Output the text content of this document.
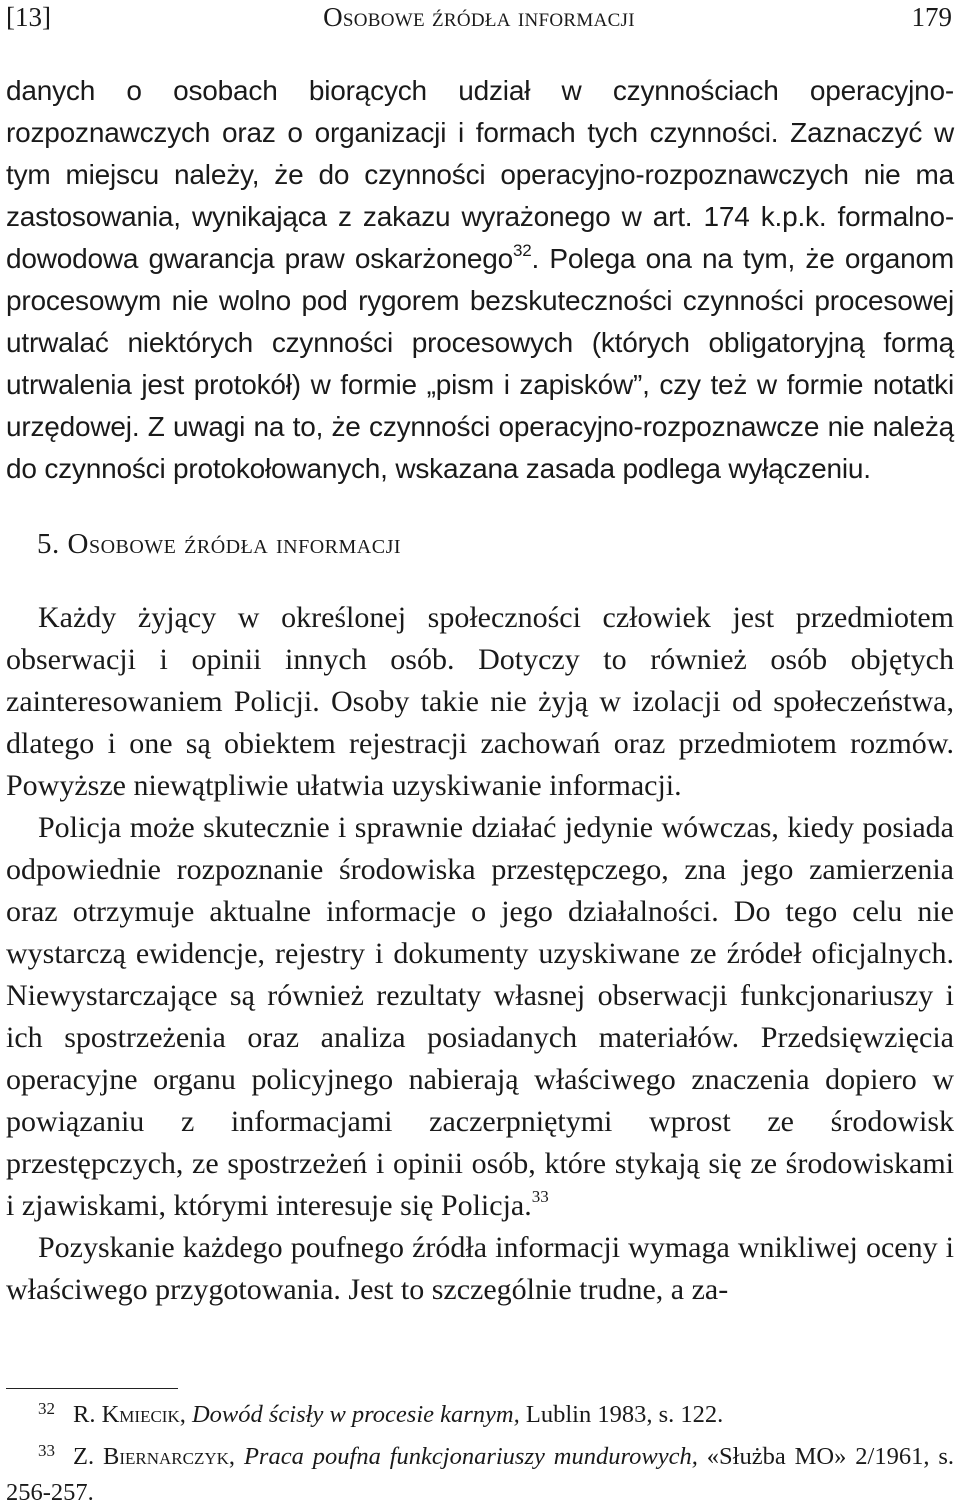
[13]	Osobowe źródła informacji	179

danych o osobach biorących udział w czynnościach operacyjno-rozpoznawczych oraz o organizacji i formach tych czynności. Zaznaczyć w tym miejscu należy, że do czynności operacyjno-rozpoznawczych nie ma zastosowania, wynikająca z zakazu wyrażonego w art. 174 k.p.k. formalno-dowodowa gwarancja praw oskarżonego$^{32}$. Polega ona na tym, że organom procesowym nie wolno pod rygorem bezskuteczności czynności procesowej utrwalać niektórych czynności procesowych (których obligatoryjną formą utrwalenia jest protokół) w formie „pism i zapisków”, czy też w formie notatki urzędowej. Z uwagi na to, że czynności operacyjno-rozpoznawcze nie należą do czynności protokołowanych, wskazana zasada podlega wyłączeniu.

5. Osobowe źródła informacji

Każdy żyjący w określonej społeczności człowiek jest przedmiotem obserwacji i opinii innych osób. Dotyczy to również osób objętych zainteresowaniem Policji. Osoby takie nie żyją w izolacji od społeczeństwa, dlatego i one są obiektem rejestracji zachowań oraz przedmiotem rozmów. Powyższe niewątpliwie ułatwia uzyskiwanie informacji.

Policja może skutecznie i sprawnie działać jedynie wówczas, kiedy posiada odpowiednie rozpoznanie środowiska przestępczego, zna jego zamierzenia oraz otrzymuje aktualne informacje o jego działalności. Do tego celu nie wystarczą ewidencje, rejestry i dokumenty uzyskiwane ze źródeł oficjalnych. Niewystarczające są również rezultaty własnej obserwacji funkcjonariuszy i ich spostrzeżenia oraz analiza posiadanych materiałów. Przedsięwzięcia operacyjne organu policyjnego nabierają właściwego znaczenia dopiero w powiązaniu z informacjami zaczerpniętymi wprost ze środowisk przestępczych, ze spostrzeżeń i opinii osób, które stykają się ze środowiskami i zjawiskami, którymi interesuje się Policja.$^{33}$

Pozyskanie każdego poufnego źródła informacji wymaga wnikliwej oceny i właściwego przygotowania. Jest to szczególnie trudne, a za-

$^{32}$ R. Kmiecik, Dowód ścisły w procesie karnym, Lublin 1983, s. 122.

$^{33}$ Z. Biernarczyk, Praca poufna funkcjonariuszy mundurowych, «Służba MO» 2/1961, s. 256-257.
